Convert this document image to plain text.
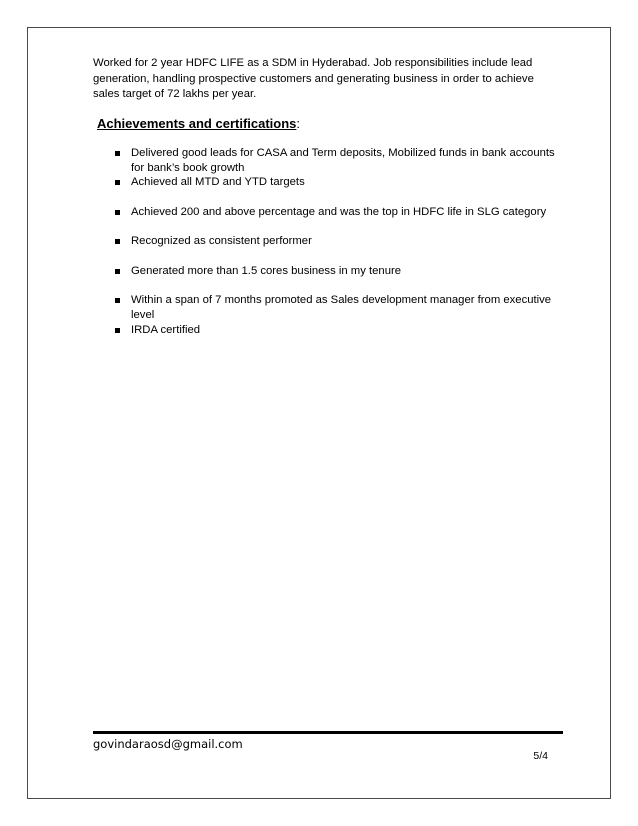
Worked for 2 year HDFC LIFE as a SDM in Hyderabad. Job responsibilities include lead generation, handling prospective customers and generating business in order to achieve sales target of 72 lakhs per year.

Achievements and certifications:
Delivered good leads for CASA and Term deposits, Mobilized funds in bank accounts for bank’s book growth
Achieved all MTD and YTD targets
Achieved 200 and above percentage and was the top in HDFC life in SLG category
Recognized as consistent performer
Generated more than 1.5 cores business in my tenure
Within a span of 7 months promoted as Sales development manager from executive level
IRDA certified
govindaraosd@gmail.com
5/4
